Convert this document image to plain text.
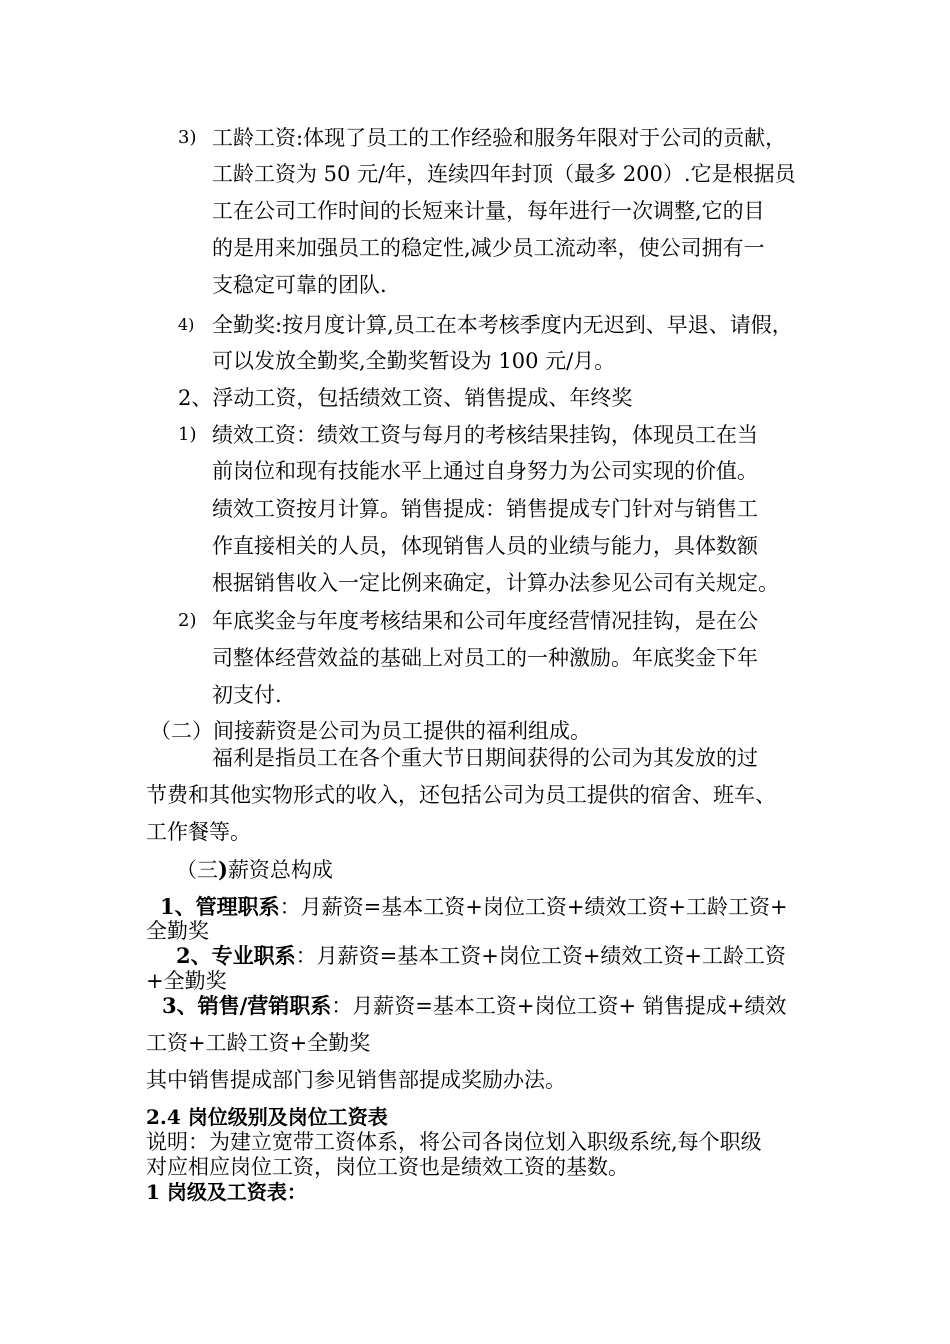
3) 工龄工资:体现了员工的工作经验和服务年限对于公司的贡献，
工龄工资为 50 元/年，连续四年封顶（最多 200）.它是根据员
工在公司工作时间的长短来计量，每年进行一次调整,它的目
的是用来加强员工的稳定性,减少员工流动率，使公司拥有一
支稳定可靠的团队.
4) 全勤奖:按月度计算,员工在本考核季度内无迟到、早退、请假，
可以发放全勤奖,全勤奖暂设为 100 元/月。
2、浮动工资，包括绩效工资、销售提成、年终奖
1) 绩效工资：绩效工资与每月的考核结果挂钩，体现员工在当
前岗位和现有技能水平上通过自身努力为公司实现的价值。
绩效工资按月计算。销售提成：销售提成专门针对与销售工
作直接相关的人员，体现销售人员的业绩与能力，具体数额
根据销售收入一定比例来确定，计算办法参见公司有关规定。
2) 年底奖金与年度考核结果和公司年度经营情况挂钩，是在公
司整体经营效益的基础上对员工的一种激励。年底奖金下年
初支付.
（二）间接薪资是公司为员工提供的福利组成。
福利是指员工在各个重大节日期间获得的公司为其发放的过
节费和其他实物形式的收入，还包括公司为员工提供的宿舍、班车、
工作餐等。
（三)薪资总构成
1、管理职系：月薪资=基本工资+岗位工资+绩效工资+工龄工资+
全勤奖
2、专业职系：月薪资=基本工资+岗位工资+绩效工资+工龄工资
+全勤奖
3、销售/营销职系：月薪资=基本工资+岗位工资+ 销售提成+绩效
工资+工龄工资+全勤奖
其中销售提成部门参见销售部提成奖励办法。
2.4 岗位级别及岗位工资表
说明：为建立宽带工资体系，将公司各岗位划入职级系统,每个职级
对应相应岗位工资，岗位工资也是绩效工资的基数。
1 岗级及工资表：
